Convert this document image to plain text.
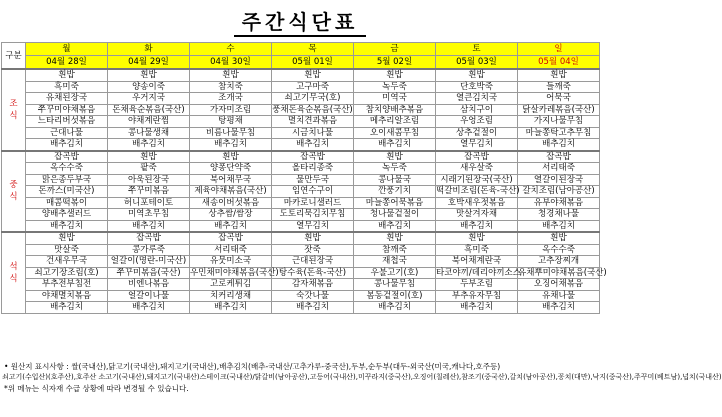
주간식단표
구분	월	화	수	목	금	토	일
	04월 28일	04월 29일	04월 30일	05월 01일	5월 02일	05월 03일	05월 04일
조식	흰밥	흰밥	흰밥	흰밥	흰밥	흰밥	흰밥
	흑미죽	양송이죽	참치죽	고구마죽	녹두죽	단호박죽	들깨죽
	유채된장국	우거지국	조개국	쇠고기무국(호)	미역국	열큰김치국	어묵국
	쭈꾸미야채볶음	돈채육순볶음(국산)	가자미조림	풍채돈육순볶음(국산)	참치양배추볶음	삼치구이	닭살카레볶음(국산)
	느타리버섯볶음	야채계란찜	탕평채	멸치견과볶음	메추리알조림	우엉조림	가지나물무침
	근대나물	콩나물생채	비름나물무침	시금치나물	오이새콤무침	상추겉절이	마늘쫑탁고추무침
	배추김치	배추김치	배추김치	배추김치	배추김치	열무김치	배추김치
중식	잡곡밥	흰밥	흰밥	잡곡밥	흰밥	잡곡밥	잡곡밥
	옥수수죽	팥죽	양퐁단약죽	올타리종죽	녹두죽	새우살죽	서리태죽
	맑은종두부국	아욱된장국	북어채무국	물만두국	콩나물국	시래기된장국(국산)	열갈이된장국
	돈까스(미국산)	쭈꾸미볶음	제육야채볶음(국산)	임연수구이	깐풍기치	떡갈비조림(돈육-국산)	갈치조림(남아공산)
	매콤떡볶이	허니포테이토	새송이버섯볶음	마카로니샐러드	마늘쫑어묵볶음	호박새우젓볶음	유부야채볶음
	양배추샐러드	미역초무침	상추쌈/쌈장	도토리묵김치무침	청나물겉절이	맛살겨자채	청경채나물
	배추김치	배추김치	배추김치	열무김치	배추김치	배추김치	배추김치
석식	흰밥	잡곡밥	잡곡밥	흰밥	흰밥	흰밥	흰밥
	맛살죽	콩가루죽	서리태죽	잣죽	참깨죽	흑미죽	옥수수죽
	건새우무국	얼갈이(명란-미국산)	유뭇미소국	근대된장국	재첩국	북어채계란국	고추장찌개
	쇠고기장조림(호)	쭈꾸미볶음(국산)	우민채미야채볶음(국산)	탕수육(돈육-국산)	우불고기(호)	타코야끼/데리야끼소스	유채뿌미야채볶음(국산)
	부추전부침전	비엔나볶음	고로케튀김	감자채볶음	콩나물무침	두부조림	오징어채볶음
	야채멸치볶음	얼갈이나물	치커리생채	숙갓나물	봄동겉절이(호)	부추유자무침	유채나물
	배추김치	배추김치	배추김치	배추김치	배추김치	배추김치	배추김치
• 원산지 표시사항 : 쌀(국내산),닭고기(국내산),돼지고기(국내산),배추김치(배추-국내산/고추가루-중국산),두부,순두부(대두-외국산(미국,캐나다,호주등)
쇠고기(수입산)(호주산),호주산 소고기(국내산),돼지고기(국내산)스테이크(국내산)/닭갈비(남아공산),고등어(국내산),미꾸라지(중국산),오징어(칠레산),참조기(중국산),갈치(남아공산),꽁치(대만),낙지(중국산),주꾸미(베트남),넙치(국내산)
*위 메뉴는 식자재 수급 상황에 따라 변경될 수 있습니다.
